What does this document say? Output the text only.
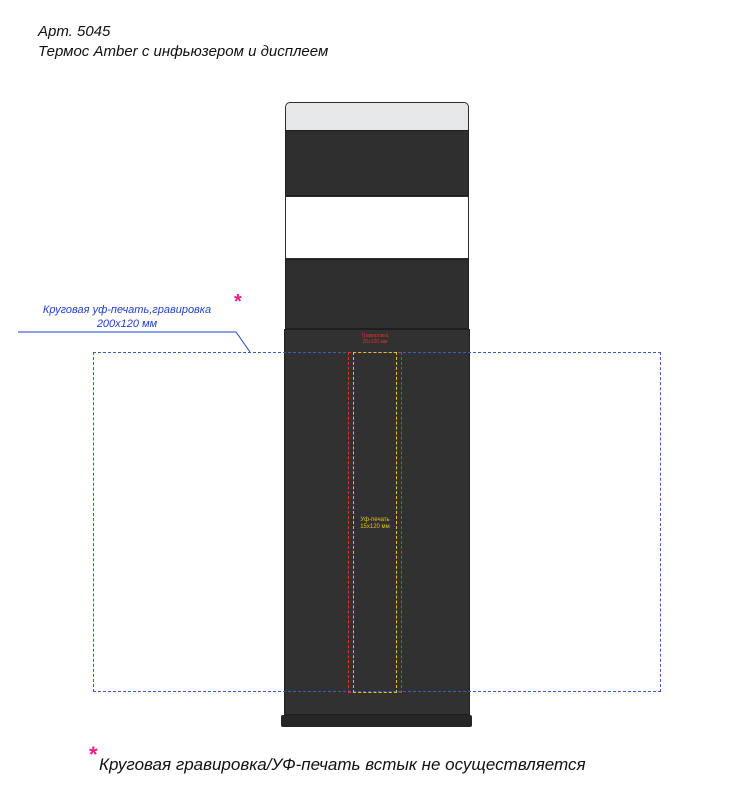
Арт. 5045
Термос Amber с инфьюзером и дисплеем
Гравировка
25x120 мм
Уф-печать
15x120 мм
Круговая уф-печать,гравировка
200x120 мм
*
* Круговая гравировка/УФ-печать встык не осуществляется
